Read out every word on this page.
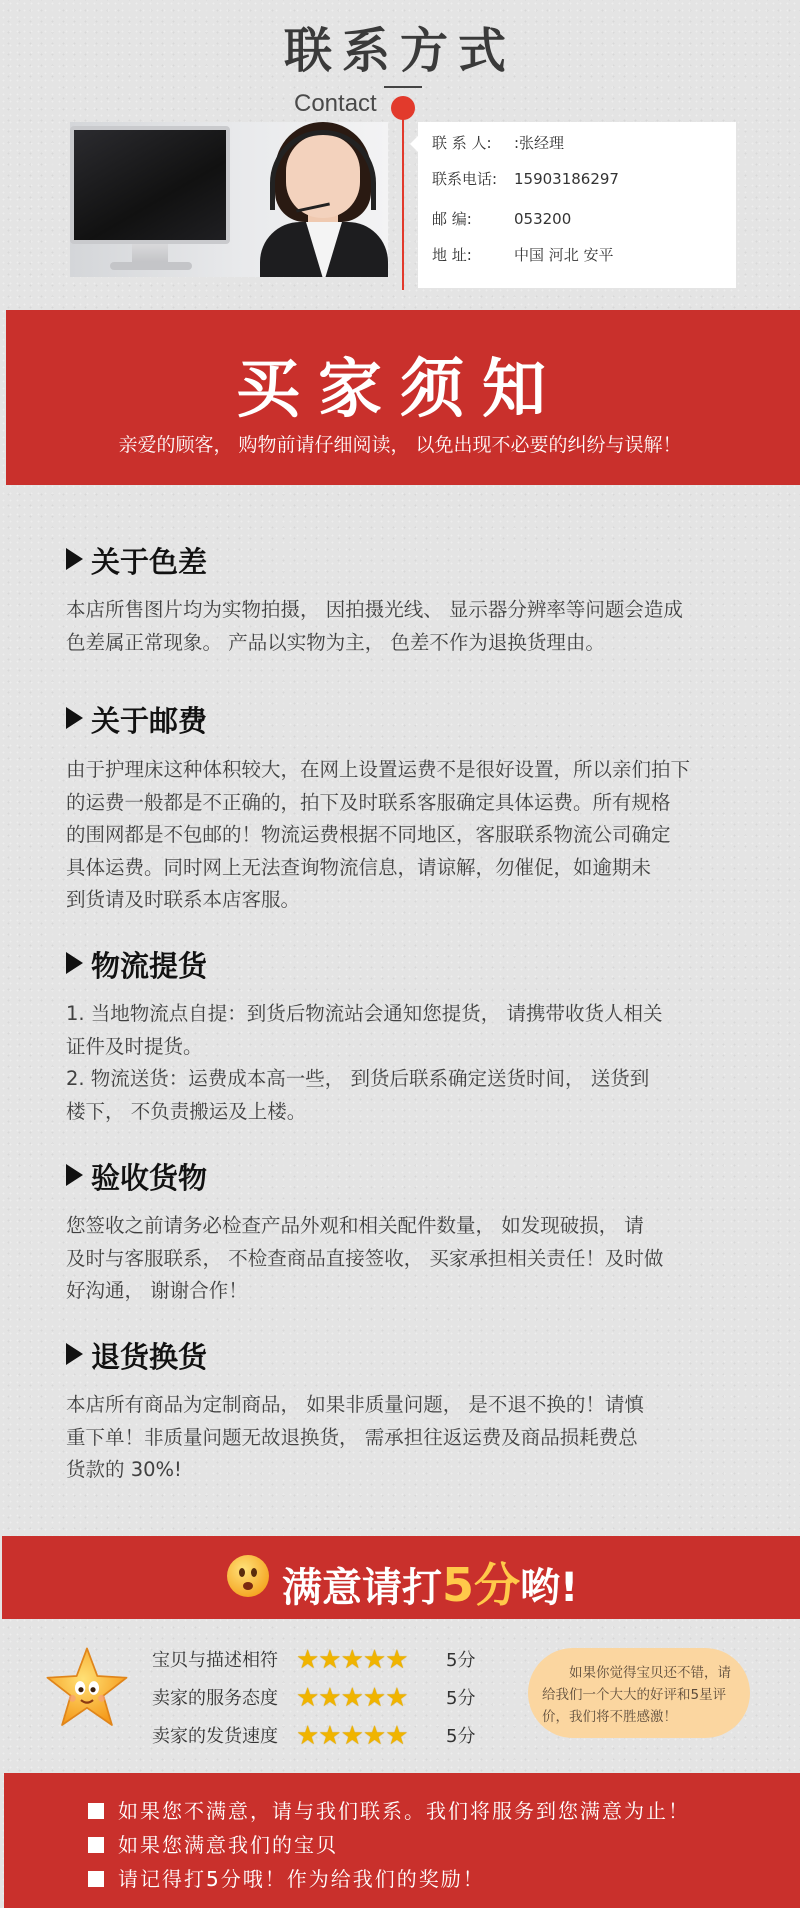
联系方式
Contact
联 系 人: :张经理
联系电话: 15903186297
邮 编:	053200
地 址:	中国 河北 安平
买家须知
亲爱的顾客， 购物前请仔细阅读， 以免出现不必要的纠纷与误解！
关于色差

本店所售图片均为实物拍摄， 因拍摄光线、 显示器分辨率等问题会造成

色差属正常现象。 产品以实物为主， 色差不作为退换货理由。

关于邮费

由于护理床这种体积较大，在网上设置运费不是很好设置，所以亲们拍下

的运费一般都是不正确的，拍下及时联系客服确定具体运费。所有规格

的围网都是不包邮的！物流运费根据不同地区，客服联系物流公司确定

具体运费。同时网上无法查询物流信息，请谅解，勿催促，如逾期未

到货请及时联系本店客服。

物流提货

1. 当地物流点自提：到货后物流站会通知您提货， 请携带收货人相关

证件及时提货。

2. 物流送货：运费成本高一些， 到货后联系确定送货时间， 送货到

楼下， 不负责搬运及上楼。

验收货物

您签收之前请务必检查产品外观和相关配件数量， 如发现破损， 请

及时与客服联系， 不检查商品直接签收， 买家承担相关责任！及时做

好沟通， 谢谢合作！

退货换货

本店所有商品为定制商品， 如果非质量问题， 是不退不换的！请慎

重下单！非质量问题无故退换货， 需承担往返运费及商品损耗费总

货款的 30%!

满意请打5分哟!
宝贝与描述相符 ★★★★★ 5分
卖家的服务态度 ★★★★★ 5分
卖家的发货速度 ★★★★★ 5分
如果你觉得宝贝还不错，请给我们一个大大的好评和5星评价，我们将不胜感激！
如果您不满意，请与我们联系。我们将服务到您满意为止！
如果您满意我们的宝贝
请记得打5分哦！作为给我们的奖励！
